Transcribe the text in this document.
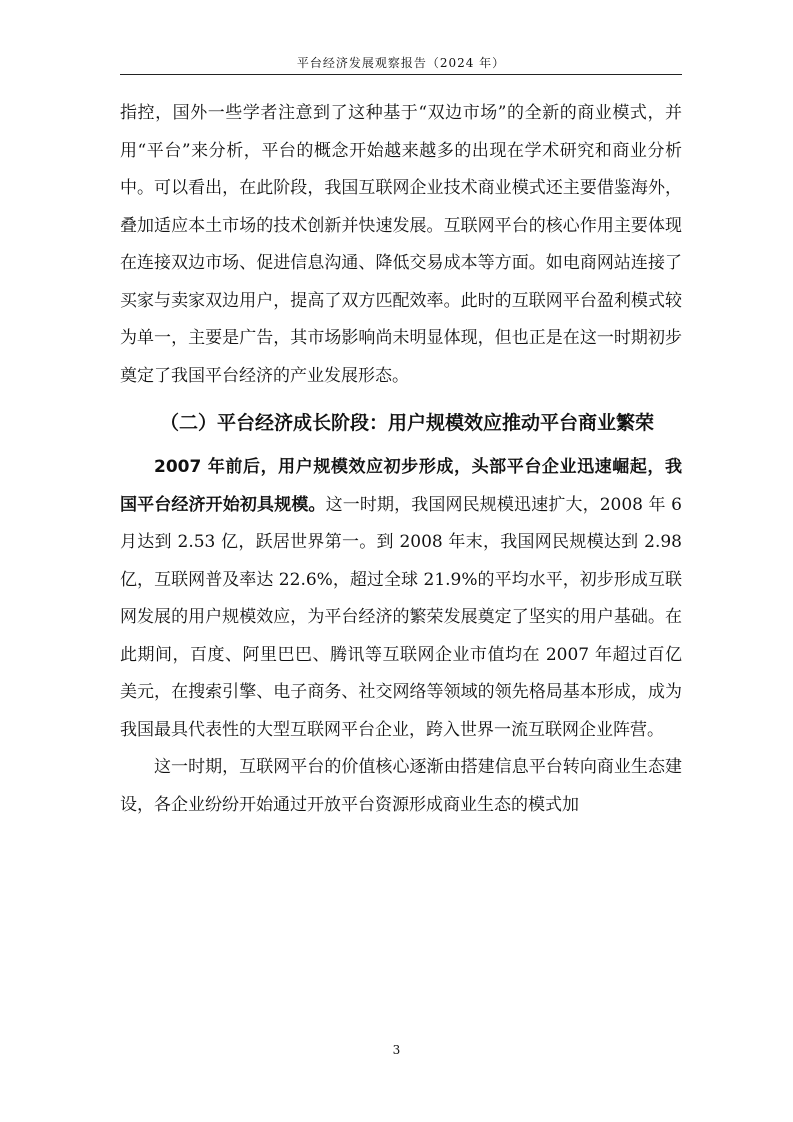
平台经济发展观察报告（2024 年）

指控，国外一些学者注意到了这种基于“双边市场”的全新的商业模式，并用“平台”来分析，平台的概念开始越来越多的出现在学术研究和商业分析中。可以看出，在此阶段，我国互联网企业技术商业模式还主要借鉴海外，叠加适应本土市场的技术创新并快速发展。互联网平台的核心作用主要体现在连接双边市场、促进信息沟通、降低交易成本等方面。如电商网站连接了买家与卖家双边用户，提高了双方匹配效率。此时的互联网平台盈利模式较为单一，主要是广告，其市场影响尚未明显体现，但也正是在这一时期初步奠定了我国平台经济的产业发展形态。

（二）平台经济成长阶段：用户规模效应推动平台商业繁荣

2007 年前后，用户规模效应初步形成，头部平台企业迅速崛起，我国平台经济开始初具规模。这一时期，我国网民规模迅速扩大，2008 年 6 月达到 2.53 亿，跃居世界第一。到 2008 年末，我国网民规模达到 2.98 亿，互联网普及率达 22.6%，超过全球 21.9%的平均水平，初步形成互联网发展的用户规模效应，为平台经济的繁荣发展奠定了坚实的用户基础。在此期间，百度、阿里巴巴、腾讯等互联网企业市值均在 2007 年超过百亿美元，在搜索引擎、电子商务、社交网络等领域的领先格局基本形成，成为我国最具代表性的大型互联网平台企业，跨入世界一流互联网企业阵营。

这一时期，互联网平台的价值核心逐渐由搭建信息平台转向商业生态建设，各企业纷纷开始通过开放平台资源形成商业生态的模式加

3
